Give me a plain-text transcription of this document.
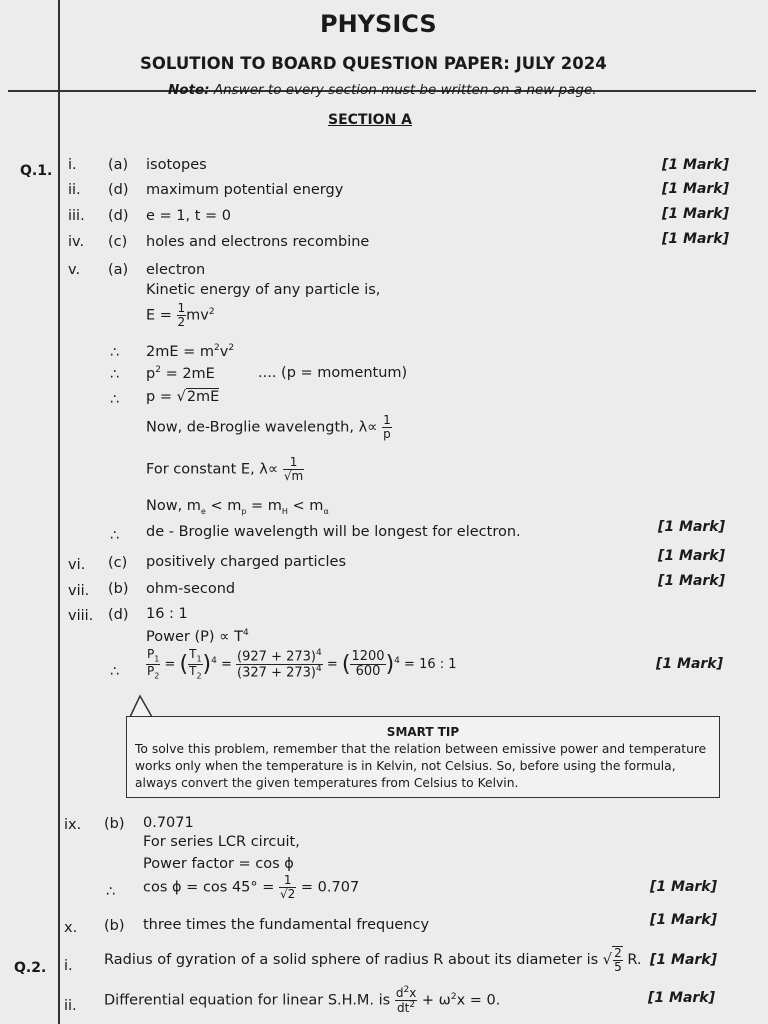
PHYSICS
SOLUTION TO BOARD QUESTION PAPER: JULY 2024
Note: Answer to every section must be written on a new page.
SECTION A
Q.1. i. (a) isotopes	[1 Mark]
ii. (d) maximum potential energy	[1 Mark]
iii. (d) e = 1, t = 0	[1 Mark]
iv. (c) holes and electrons recombine	[1 Mark]
v. (a) electron
Kinetic energy of any particle is,
$E = \frac{1}{2} mv^2$
∴ $2mE = m^2v^2$
∴ $p^2 = 2mE$	.... (p = momentum)
∴ p = √2mE
Now, de-Broglie wavelength, $\lambda\propto \frac{1}{p}$
For constant E, $\lambda\propto \frac{1}{√m}$
Now, $m_e < m_p = m_H < m_\alpha$
∴ de - Broglie wavelength will be longest for electron.	[1 Mark]
vi. (c) positively charged particles	[1 Mark]
vii. (b) ohm-second	[1 Mark]
viii. (d) 16 : 1
Power $(P) \propto T^4$
∴ $\frac{P_1}{P_2}$ = ( $\frac{T_1}{T_2} )^4 = \frac{(927 + 273)^4}{(327 + 273)^4}$ = ( $\frac{1200}{600} )^4 = 16$ : 1	[1 Mark]
SMART TIP
To solve this problem, remember that the relation between emissive power and temperature works only when the temperature is in Kelvin, not Celsius. So, before using the formula, always convert the given temperatures from Celsius to Kelvin.
ix. (b) 0.7071
For series LCR circuit,
Power factor = cos ϕ
∴ $\cos \phi = \cos 45^\circ = \frac{1}{√2} = 0.707$	[1 Mark]
x. (b) three times the fundamental frequency	[1 Mark]
Q.2. i. Radius of gyration of a solid sphere of radius R about its diameter is √ $\frac{2}{5} R$. [1 Mark]
ii. Differential equation for linear S.H.M. is $\frac{d^2x}{dt^2} + \omega^2x = 0$.	[1 Mark]
